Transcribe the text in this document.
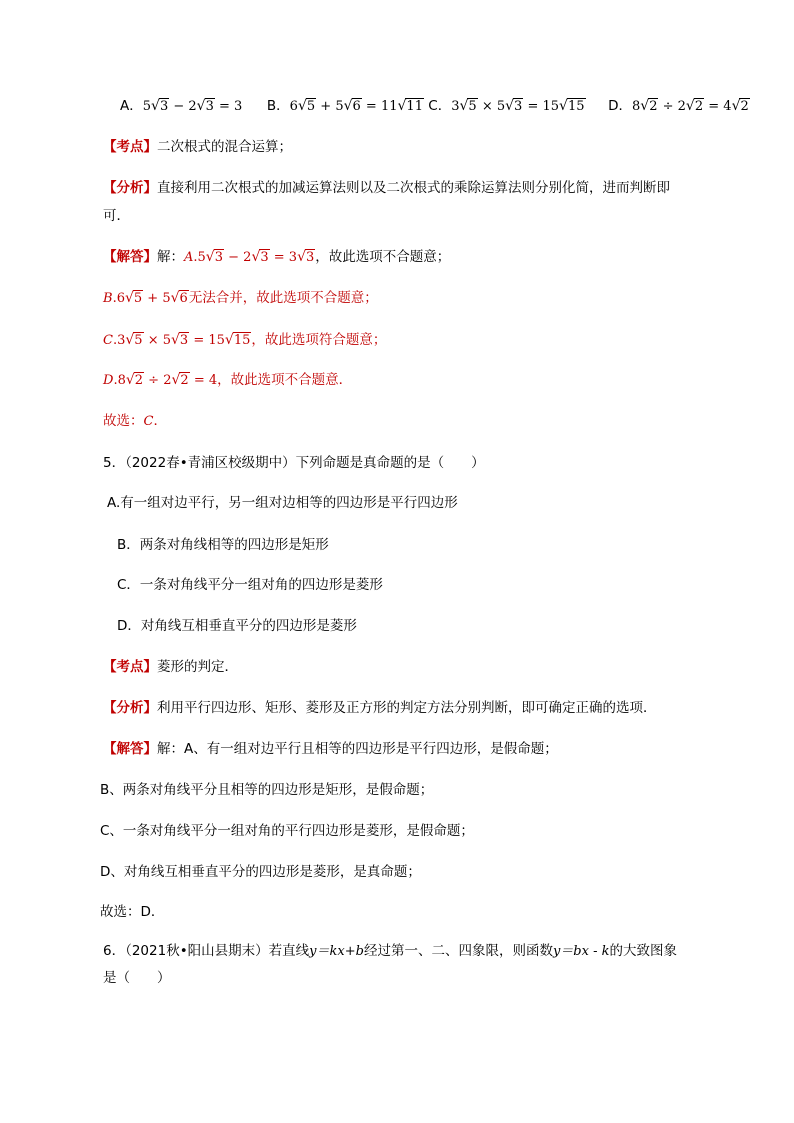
A．5√3 − 2√3 = 3 B．6√5 + 5√6 = 11√11 C．3√5 × 5√3 = 15√15 D．8√2 ÷ 2√2 = 4√2
【考点】二次根式的混合运算；
【分析】直接利用二次根式的加减运算法则以及二次根式的乘除运算法则分别化简，进而判断即
可．
【解答】解：A.5√3 − 2√3 = 3√3，故此选项不合题意；
B.6√5 + 5√6无法合并，故此选项不合题意；
C.3√5 × 5√3 = 15√15，故此选项符合题意；
D.8√2 ÷ 2√2 = 4，故此选项不合题意．
故选：C．
5．（2022春•青浦区校级期中）下列命题是真命题的是（　　）
A.有一组对边平行，另一组对边相等的四边形是平行四边形
B．两条对角线相等的四边形是矩形
C．一条对角线平分一组对角的四边形是菱形
D．对角线互相垂直平分的四边形是菱形
【考点】菱形的判定．
【分析】利用平行四边形、矩形、菱形及正方形的判定方法分别判断，即可确定正确的选项．
【解答】解：A、有一组对边平行且相等的四边形是平行四边形，是假命题；
B、两条对角线平分且相等的四边形是矩形，是假命题；
C、一条对角线平分一组对角的平行四边形是菱形，是假命题；
D、对角线互相垂直平分的四边形是菱形，是真命题；
故选：D．
6．（2021秋•阳山县期末）若直线y＝kx+b经过第一、二、四象限，则函数y＝bx - k的大致图象
是（　　）
